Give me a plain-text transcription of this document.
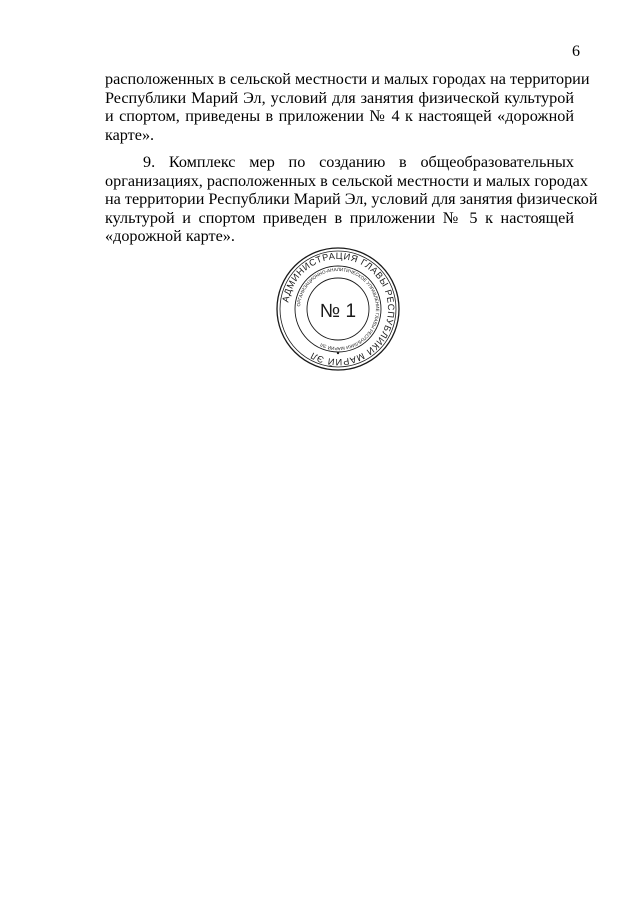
6

расположенных в сельской местности и малых городах на территории
Республики Марий Эл, условий для занятия физической культурой
и спортом, приведены в приложении № 4 к настоящей «дорожной
карте».

9. Комплекс мер по созданию в общеобразовательных
организациях, расположенных в сельской местности и малых городах
на территории Республики Марий Эл, условий для занятия физической
культурой и спортом приведен в приложении № 5 к настоящей
«дорожной карте».

АДМИНИСТРАЦИЯ ГЛАВЫ РЕСПУБЛИКИ МАРИЙ ЭЛ
ОРГАНИЗАЦИОННО-АНАЛИТИЧЕСКОЕ УПРАВЛЕНИЕ ГЛАВЫ РЕСПУБЛИКИ МАРИЙ ЭЛ
№ 1
